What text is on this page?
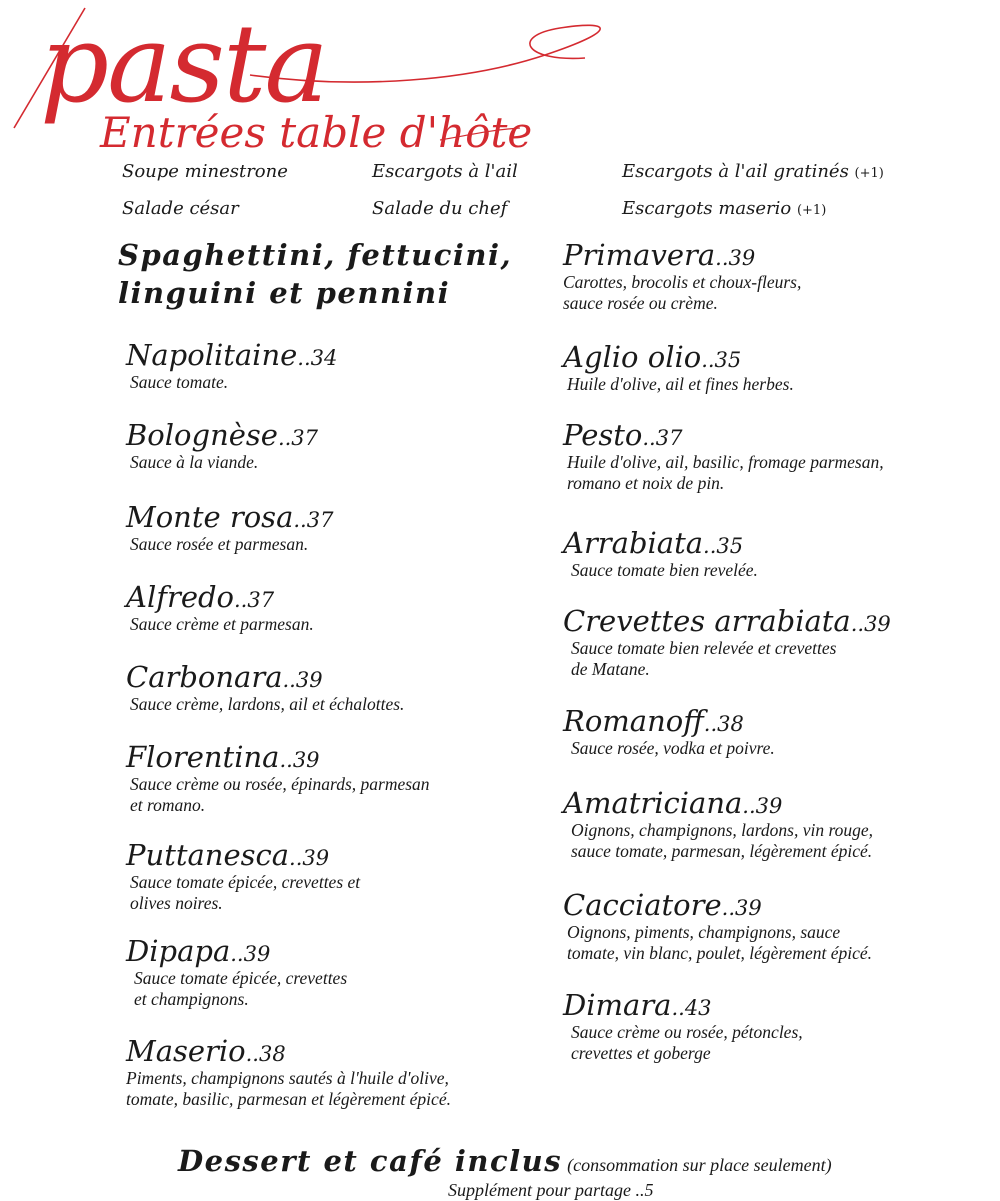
pasta
Entrées table d'hôte
Soupe minestrone	Escargots à l'ail	Escargots à l'ail gratinés (+1)
Salade césar	Salade du chef	Escargots maserio (+1)
Spaghettini, fettucini,
linguini et pennini
Napolitaine..34
Sauce tomate.
Bolognèse..37
Sauce à la viande.
Monte rosa..37
Sauce rosée et parmesan.
Alfredo..37
Sauce crème et parmesan.
Carbonara..39
Sauce crème, lardons, ail et échalottes.
Florentina..39
Sauce crème ou rosée, épinards, parmesan
et romano.
Puttanesca..39
Sauce tomate épicée, crevettes et
olives noires.
Dipapa..39
Sauce tomate épicée, crevettes
et champignons.
Maserio..38
Piments, champignons sautés à l'huile d'olive,
tomate, basilic, parmesan et légèrement épicé.
Primavera..39
Carottes, brocolis et choux-fleurs,
sauce rosée ou crème.
Aglio olio..35
Huile d'olive, ail et fines herbes.
Pesto..37
Huile d'olive, ail, basilic, fromage parmesan,
romano et noix de pin.
Arrabiata..35
Sauce tomate bien revelée.
Crevettes arrabiata..39
Sauce tomate bien relevée et crevettes
de Matane.
Romanoff..38
Sauce rosée, vodka et poivre.
Amatriciana..39
Oignons, champignons, lardons, vin rouge,
sauce tomate, parmesan, légèrement épicé.
Cacciatore..39
Oignons, piments, champignons, sauce
tomate, vin blanc, poulet, légèrement épicé.
Dimara..43
Sauce crème ou rosée, pétoncles,
crevettes et goberge
Dessert et café inclus (consommation sur place seulement)
Supplément pour partage ..5
